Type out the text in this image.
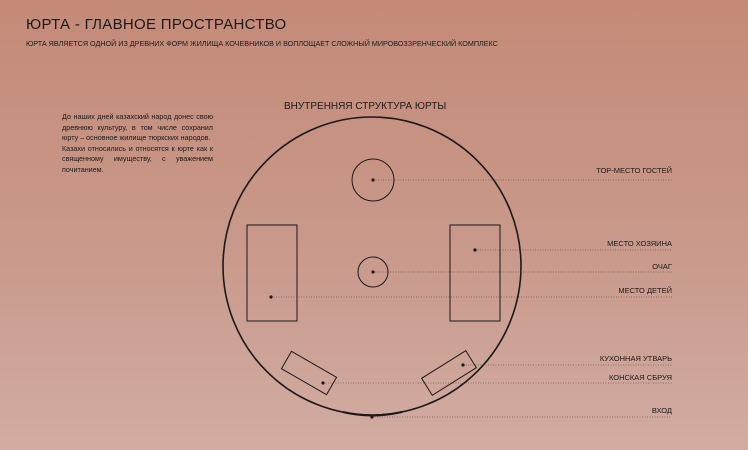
ЮРТА - ГЛАВНОЕ ПРОСТРАНСТВО
ЮРТА ЯВЛЯЕТСЯ ОДНОЙ ИЗ ДРЕВНИХ ФОРМ ЖИЛИЩА КОЧЕВНИКОВ И ВОПЛОЩАЕТ СЛОЖНЫЙ МИРОВОЗЗРЕНЧЕСКИЙ КОМПЛЕКС

До наших дней казахский народ донес свою древнюю культуру, в том числе сохранил юрту – основное жилище тюркских народов.

Казахи относились и относятся к юрте как к священному имуществу, с уважением почитанием.

ВНУТРЕННЯЯ СТРУКТУРА ЮРТЫ
ТОР-МЕСТО ГОСТЕЙ
МЕСТО ХОЗЯИНА
ОЧАГ
МЕСТО ДЕТЕЙ
КУХОННАЯ УТВАРЬ
КОНСКАЯ СБРУЯ
ВХОД
